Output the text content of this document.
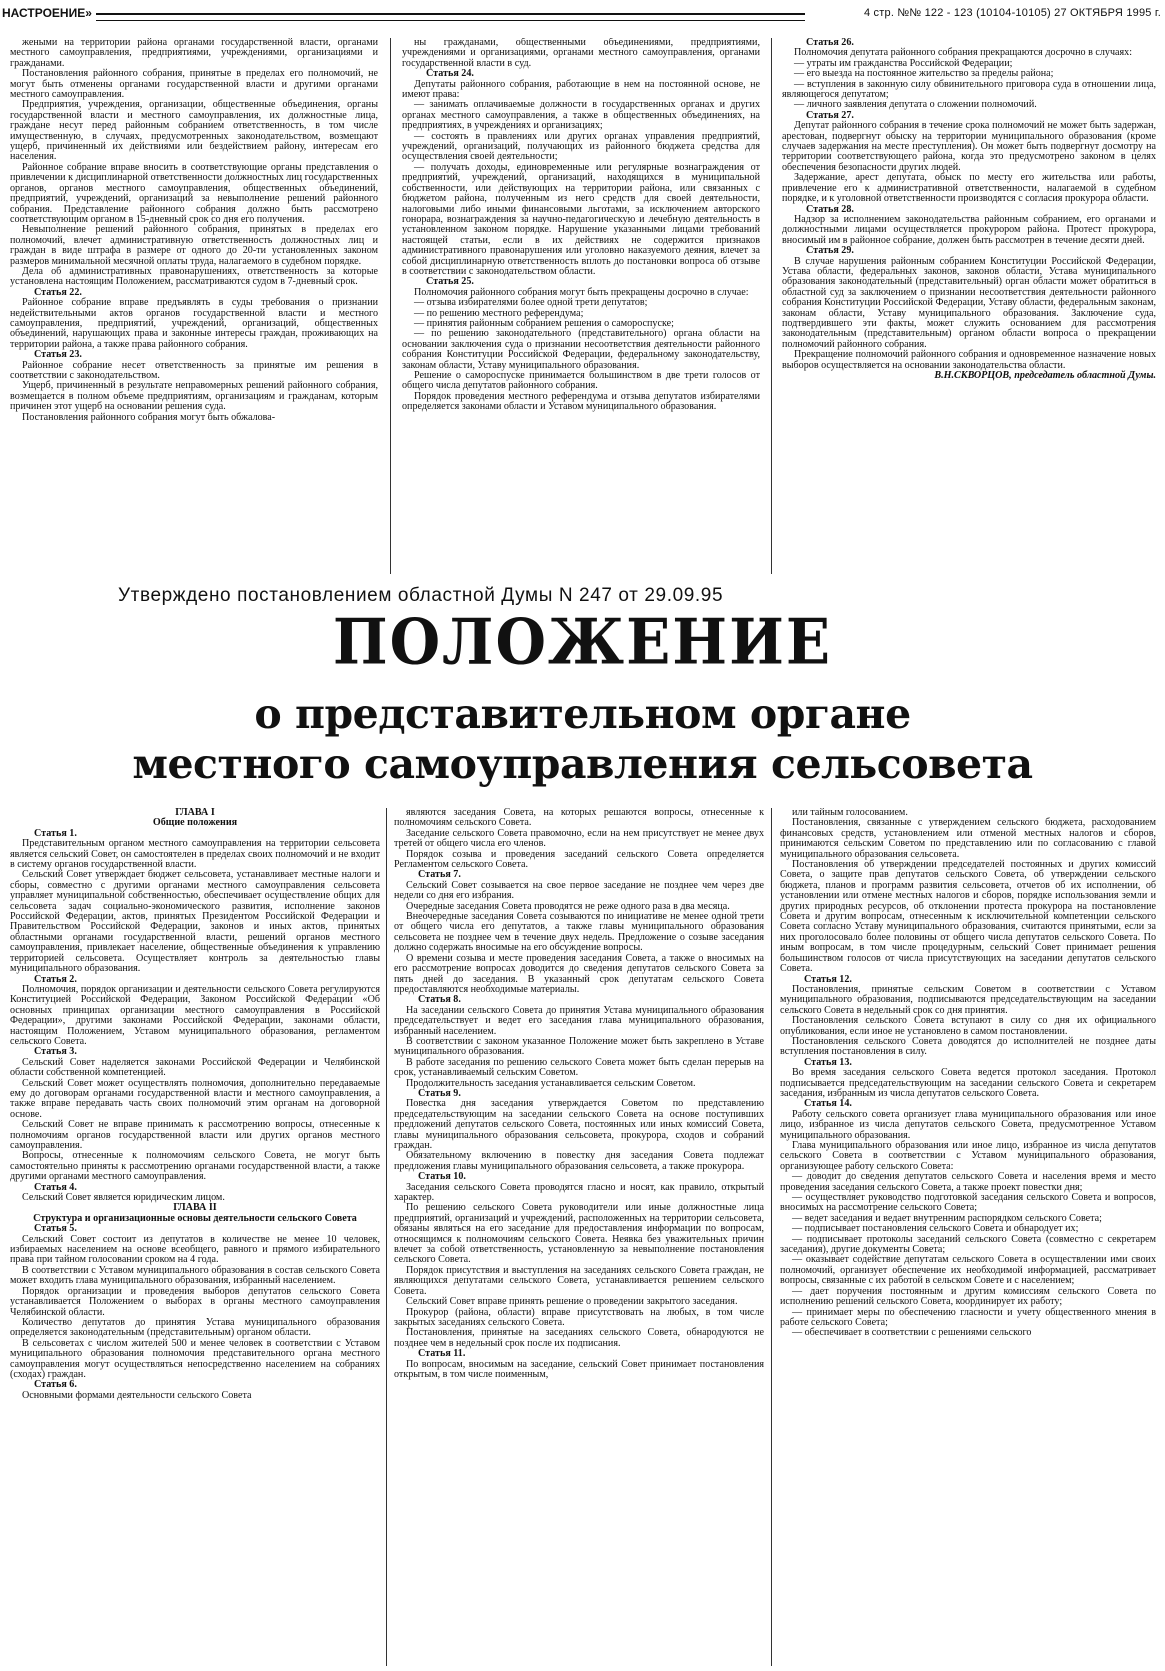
НАСТРОЕНИЕ»	4 стр. №№ 122 - 123 (10104-10105) 27 ОКТЯБРЯ 1995 г.

жеными на территории района органами государственной власти, органами местного самоуправления, предприятиями, учреждениями, организациями и гражданами.

Постановления районного собрания, принятые в пределах его полномочий, не могут быть отменены органами государственной власти и другими органами местного самоуправления.

Предприятия, учреждения, организации, общественные объединения, органы государственной власти и местного самоуправления, их должностные лица, граждане несут перед районным собранием ответственность, в том числе имущественную, в случаях, предусмотренных законодательством, возмещают ущерб, причиненный их действиями или бездействием району, интересам его населения.

Районное собрание вправе вносить в соответствующие органы представления о привлечении к дисциплинарной ответственности должностных лиц государственных органов, органов местного самоуправления, общественных объединений, предприятий, учреждений, организаций за невыполнение решений районного собрания. Представление районного собрания должно быть рассмотрено соответствующим органом в 15-дневный срок со дня его получения.

Невыполнение решений районного собрания, принятых в пределах его полномочий, влечет административную ответственность должностных лиц и граждан в виде штрафа в размере от одного до 20-ти установленных законом размеров минимальной месячной оплаты труда, налагаемого в судебном порядке.

Дела об административных правонарушениях, ответственность за которые установлена настоящим Положением, рассматриваются судом в 7-дневный срок.

Статья 22.

Районное собрание вправе предъявлять в суды требования о признании недействительными актов органов государственной власти и местного самоуправления, предприятий, учреждений, организаций, общественных объединений, нарушающих права и законные интересы граждан, проживающих на территории района, а также права районного собрания.

Статья 23.

Районное собрание несет ответственность за принятые им решения в соответствии с законодательством.

Ущерб, причиненный в результате неправомерных решений районного собрания, возмещается в полном объеме предприятиям, организациям и гражданам, которым причинен этот ущерб на основании решения суда.

Постановления районного собрания могут быть обжалова-

ны гражданами, общественными объединениями, предприятиями, учреждениями и организациями, органами местного самоуправления, органами государственной власти в суд.

Статья 24.

Депутаты районного собрания, работающие в нем на постоянной основе, не имеют права:

— занимать оплачиваемые должности в государственных органах и других органах местного самоуправления, а также в общественных объединениях, на предприятиях, в учреждениях и организациях;

— состоять в правлениях или других органах управления предприятий, учреждений, организаций, получающих из районного бюджета средства для осуществления своей деятельности;

— получать доходы, единовременные или регулярные вознаграждения от предприятий, учреждений, организаций, находящихся в муниципальной собственности, или действующих на территории района, или связанных с бюджетом района, полученным из него средств для своей деятельности, налоговыми либо иными финансовыми льготами, за исключением авторского гонорара, вознаграждения за научно-педагогическую и лечебную деятельность в установленном законом порядке. Нарушение указанными лицами требований настоящей статьи, если в их действиях не содержится признаков административного правонарушения или уголовно наказуемого деяния, влечет за собой дисциплинарную ответственность вплоть до постановки вопроса об отзыве в соответствии с законодательством области.

Статья 25.

Полномочия районного собрания могут быть прекращены досрочно в случае:

— отзыва избирателями более одной трети депутатов;

— по решению местного референдума;

— принятия районным собранием решения о самороспуске;

— по решению законодательного (представительного) органа области на основании заключения суда о признании несоответствия деятельности районного собрания Конституции Российской Федерации, федеральному законодательству, законам области, Уставу муниципального образования.

Решение о самороспуске принимается большинством в две трети голосов от общего числа депутатов районного собрания.

Порядок проведения местного референдума и отзыва депутатов избирателями определяется законами области и Уставом муниципального образования.

Статья 26.

Полномочия депутата районного собрания прекращаются досрочно в случаях:

— утраты им гражданства Российской Федерации;

— его выезда на постоянное жительство за пределы района;

— вступления в законную силу обвинительного приговора суда в отношении лица, являющегося депутатом;

— личного заявления депутата о сложении полномочий.

Статья 27.

Депутат районного собрания в течение срока полномочий не может быть задержан, арестован, подвергнут обыску на территории муниципального образования (кроме случаев задержания на месте преступления). Он может быть подвергнут досмотру на территории соответствующего района, когда это предусмотрено законом в целях обеспечения безопасности других людей.

Задержание, арест депутата, обыск по месту его жительства или работы, привлечение его к административной ответственности, налагаемой в судебном порядке, и к уголовной ответственности производятся с согласия прокурора области.

Статья 28.

Надзор за исполнением законодательства районным собранием, его органами и должностными лицами осуществляется прокурором района. Протест прокурора, вносимый им в районное собрание, должен быть рассмотрен в течение десяти дней.

Статья 29.

В случае нарушения районным собранием Конституции Российской Федерации, Устава области, федеральных законов, законов области, Устава муниципального образования законодательный (представительный) орган области может обратиться в областной суд за заключением о признании несоответствия деятельности районного собрания Конституции Российской Федерации, Уставу области, федеральным законам, законам области, Уставу муниципального образования. Заключение суда, подтвердившего эти факты, может служить основанием для рассмотрения законодательным (представительным) органом области вопроса о прекращении полномочий районного собрания.

Прекращение полномочий районного собрания и одновременное назначение новых выборов осуществляется на основании законодательства области.

В.Н.СКВОРЦОВ, председатель областной Думы.
Утверждено постановлением областной Думы N 247 от 29.09.95
ПОЛОЖЕНИЕ
о представительном органе
местного самоуправления сельсовета
ГЛАВА I
Общие положения
Статья 1.

Представительным органом местного самоуправления на территории сельсовета является сельский Совет, он самостоятелен в пределах своих полномочий и не входит в систему органов государственной власти.

Сельский Совет утверждает бюджет сельсовета, устанавливает местные налоги и сборы, совместно с другими органами местного самоуправления сельсовета управляет муниципальной собственностью, обеспечивает осуществление общих для сельсовета задач социально-экономического развития, исполнение законов Российской Федерации, актов, принятых Президентом Российской Федерации и Правительством Российской Федерации, законов и иных актов, принятых областными органами государственной власти, решений органов местного самоуправления, привлекает население, общественные объединения к управлению территорией сельсовета. Осуществляет контроль за деятельностью главы муниципального образования.

Статья 2.

Полномочия, порядок организации и деятельности сельского Совета регулируются Конституцией Российской Федерации, Законом Российской Федерации «Об основных принципах организации местного самоуправления в Российской Федерации», другими законами Российской Федерации, законами области, настоящим Положением, Уставом муниципального образования, регламентом сельского Совета.

Статья 3.

Сельский Совет наделяется законами Российской Федерации и Челябинской области собственной компетенцией.

Сельский Совет может осуществлять полномочия, дополнительно передаваемые ему до договорам органами государственной власти и местного самоуправления, а также вправе передавать часть своих полномочий этим органам на договорной основе.

Сельский Совет не вправе принимать к рассмотрению вопросы, отнесенные к полномочиям органов государственной власти или других органов местного самоуправления.

Вопросы, отнесенные к полномочиям сельского Совета, не могут быть самостоятельно приняты к рассмотрению органами государственной власти, а также другими органами местного самоуправления.

Статья 4.

Сельский Совет является юридическим лицом.

ГЛАВА II
Структура и организационные основы деятельности сельского Совета
Статья 5.

Сельский Совет состоит из депутатов в количестве не менее 10 человек, избираемых населением на основе всеобщего, равного и прямого избирательного права при тайном голосовании сроком на 4 года.

В соответствии с Уставом муниципального образования в состав сельского Совета может входить глава муниципального образования, избранный населением.

Порядок организации и проведения выборов депутатов сельского Совета устанавливается Положением о выборах в органы местного самоуправления Челябинской области.

Количество депутатов до принятия Устава муниципального образования определяется законодательным (представительным) органом области.

В сельсоветах с числом жителей 500 и менее человек в соответствии с Уставом муниципального образования полномочия представительного органа местного самоуправления могут осуществляться непосредственно населением на собраниях (сходах) граждан.

Статья 6.

Основными формами деятельности сельского Совета

являются заседания Совета, на которых решаются вопросы, отнесенные к полномочиям сельского Совета.

Заседание сельского Совета правомочно, если на нем присутствует не менее двух третей от общего числа его членов.

Порядок созыва и проведения заседаний сельского Совета определяется Регламентом сельского Совета.

Статья 7.

Сельский Совет созывается на свое первое заседание не позднее чем через две недели со дня его избрания.

Очередные заседания Совета проводятся не реже одного раза в два месяца.

Внеочередные заседания Совета созываются по инициативе не менее одной трети от общего числа его депутатов, а также главы муниципального образования сельсовета не позднее чем в течение двух недель. Предложение о созыве заседания должно содержать вносимые на его обсуждение вопросы.

О времени созыва и месте проведения заседания Совета, а также о вносимых на его рассмотрение вопросах доводится до сведения депутатов сельского Совета за пять дней до заседания. В указанный срок депутатам сельского Совета предоставляются необходимые материалы.

Статья 8.

На заседании сельского Совета до принятия Устава муниципального образования председательствует и ведет его заседания глава муниципального образования, избранный населением.

В соответствии с законом указанное Положение может быть закреплено в Уставе муниципального образования.

В работе заседания по решению сельского Совета может быть сделан перерыв на срок, устанавливаемый сельским Советом.

Продолжительность заседания устанавливается сельским Советом.

Статья 9.

Повестка дня заседания утверждается Советом по представлению председательствующим на заседании сельского Совета на основе поступивших предложений депутатов сельского Совета, постоянных или иных комиссий Совета, главы муниципального образования сельсовета, прокурора, сходов и собраний граждан.

Обязательному включению в повестку дня заседания Совета подлежат предложения главы муниципального образования сельсовета, а также прокурора.

Статья 10.

Заседания сельского Совета проводятся гласно и носят, как правило, открытый характер.

По решению сельского Совета руководители или иные должностные лица предприятий, организаций и учреждений, расположенных на территории сельсовета, обязаны являться на его заседание для предоставления информации по вопросам, относящимся к полномочиям сельского Совета. Неявка без уважительных причин влечет за собой ответственность, установленную за невыполнение постановления сельского Совета.

Порядок присутствия и выступления на заседаниях сельского Совета граждан, не являющихся депутатами сельского Совета, устанавливается решением сельского Совета.

Сельский Совет вправе принять решение о проведении закрытого заседания.

Прокурор (района, области) вправе присутствовать на любых, в том числе закрытых заседаниях сельского Совета.

Постановления, принятые на заседаниях сельского Совета, обнародуются не позднее чем в недельный срок после их подписания.

Статья 11.

По вопросам, вносимым на заседание, сельский Совет принимает постановления открытым, в том числе поименным,

или тайным голосованием.

Постановления, связанные с утверждением сельского бюджета, расходованием финансовых средств, установлением или отменой местных налогов и сборов, принимаются сельским Советом по представлению или по согласованию с главой муниципального образования сельсовета.

Постановления об утверждении председателей постоянных и других комиссий Совета, о защите прав депутатов сельского Совета, об утверждении сельского бюджета, планов и программ развития сельсовета, отчетов об их исполнении, об установлении или отмене местных налогов и сборов, порядке использования земли и других природных ресурсов, об отклонении протеста прокурора на постановление Совета и другим вопросам, отнесенным к исключительной компетенции сельского Совета согласно Уставу муниципального образования, считаются принятыми, если за них проголосовало более половины от общего числа депутатов сельского Совета. По иным вопросам, в том числе процедурным, сельский Совет принимает решения большинством голосов от числа присутствующих на заседании депутатов сельского Совета.

Статья 12.

Постановления, принятые сельским Советом в соответствии с Уставом муниципального образования, подписываются председательствующим на заседании сельского Совета в недельный срок со дня принятия.

Постановления сельского Совета вступают в силу со дня их официального опубликования, если иное не установлено в самом постановлении.

Постановления сельского Совета доводятся до исполнителей не позднее даты вступления постановления в силу.

Статья 13.

Во время заседания сельского Совета ведется протокол заседания. Протокол подписывается председательствующим на заседании сельского Совета и секретарем заседания, избранным из числа депутатов сельского Совета.

Статья 14.

Работу сельского совета организует глава муниципального образования или иное лицо, избранное из числа депутатов сельского Совета, предусмотренное Уставом муниципального образования.

Глава муниципального образования или иное лицо, избранное из числа депутатов сельского Совета в соответствии с Уставом муниципального образования, организующее работу сельского Совета:

— доводит до сведения депутатов сельского Совета и населения время и место проведения заседания сельского Совета, а также проект повестки дня;

— осуществляет руководство подготовкой заседания сельского Совета и вопросов, вносимых на рассмотрение сельского Совета;

— ведет заседания и ведает внутренним распорядком сельского Совета;

— подписывает постановления сельского Совета и обнародует их;

— подписывает протоколы заседаний сельского Совета (совместно с секретарем заседания), другие документы Совета;

— оказывает содействие депутатам сельского Совета в осуществлении ими своих полномочий, организует обеспечение их необходимой информацией, рассматривает вопросы, связанные с их работой в сельском Совете и с населением;

— дает поручения постоянным и другим комиссиям сельского Совета по исполнению решений сельского Совета, координирует их работу;

— принимает меры по обеспечению гласности и учету общественного мнения в работе сельского Совета;

— обеспечивает в соответствии с решениями сельского
